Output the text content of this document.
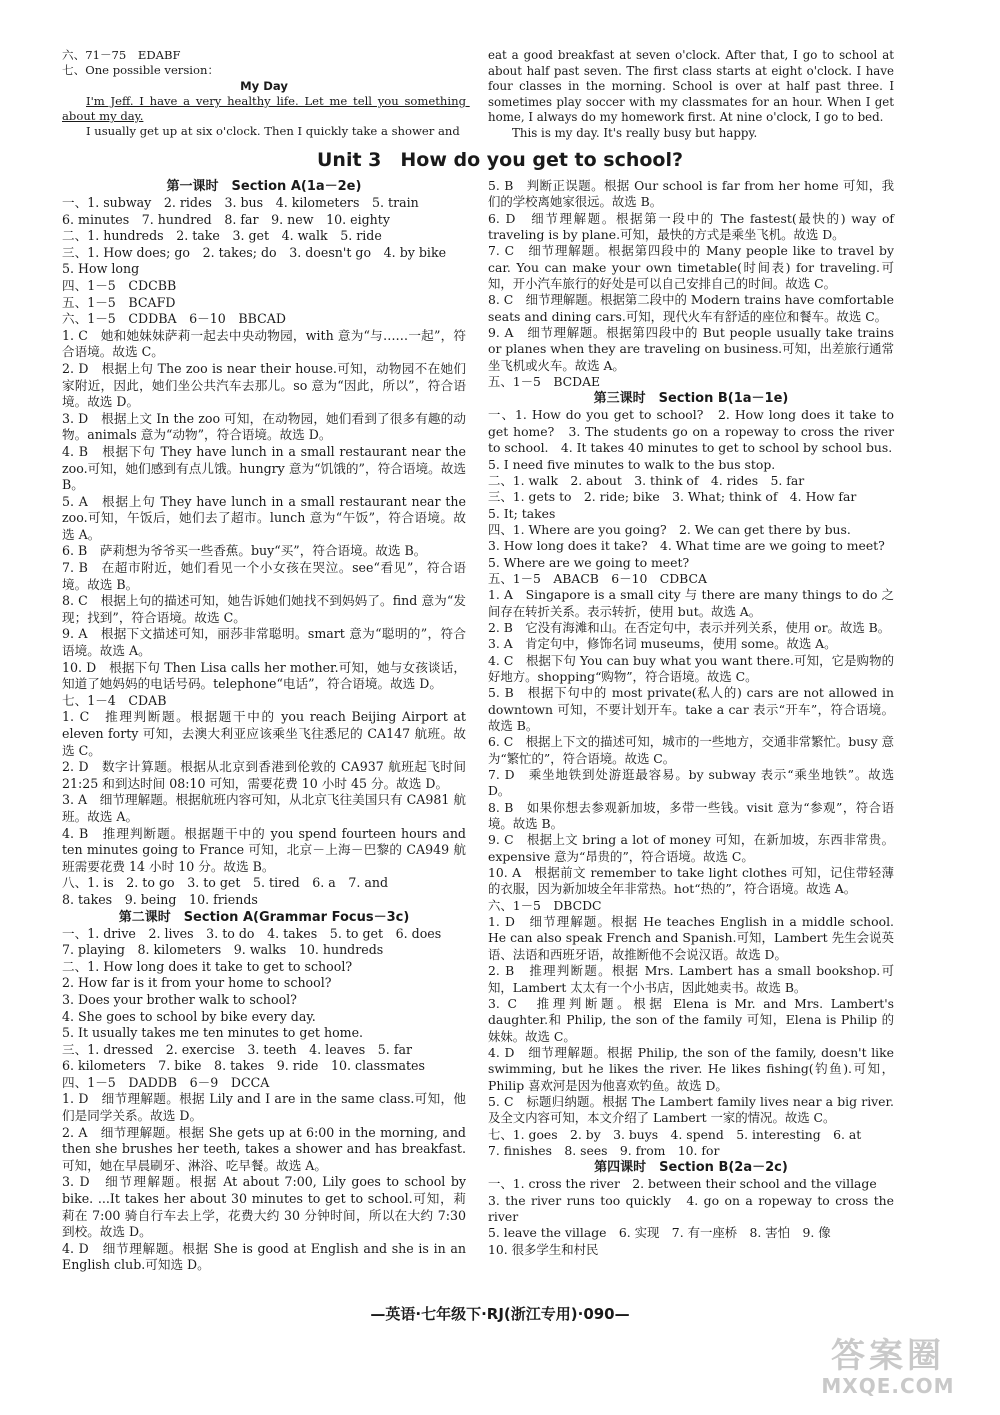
六、71－75　EDABF
七、One possible version：
My Day
I'm Jeff. I have a very healthy life. Let me tell you something about my day.
I usually get up at six o'clock. Then I quickly take a shower and
eat a good breakfast at seven o'clock. After that, I go to school at about half past seven. The first class starts at eight o'clock. I have four classes in the morning. School is over at half past three. I sometimes play soccer with my classmates for an hour. When I get home, I always do my homework first. At nine o'clock, I go to bed.
This is my day. It's really busy but happy.
Unit 3　How do you get to school?
第一课时　Section A(1a－2e)
一、1. subway　2. rides　3. bus　4. kilometers　5. train
6. minutes　7. hundred　8. far　9. new　10. eighty
二、1. hundreds　2. take　3. get　4. walk　5. ride
三、1. How does; go　2. takes; do　3. doesn't go　4. by bike
5. How long
四、1－5　CDCBB
五、1－5　BCAFD
六、1－5　CDDBA　6－10　BBCAD
1. C　她和她妹妹萨莉一起去中央动物园，with 意为“与……一起”，符合语境。故选 C。
2. D　根据上句 The zoo is near their house.可知，动物园不在她们家附近，因此，她们坐公共汽车去那儿。so 意为“因此，所以”，符合语境。故选 D。
3. D　根据上文 In the zoo 可知，在动物园，她们看到了很多有趣的动物。animals 意为“动物”，符合语境。故选 D。
4. B　根据下句 They have lunch in a small restaurant near the zoo.可知，她们感到有点儿饿。hungry 意为“饥饿的”，符合语境。故选 B。
5. A　根据上句 They have lunch in a small restaurant near the zoo.可知，午饭后，她们去了超市。lunch 意为“午饭”，符合语境。故选 A。
6. B　萨莉想为爷爷买一些香蕉。buy“买”，符合语境。故选 B。
7. B　在超市附近，她们看见一个小女孩在哭泣。see“看见”，符合语境。故选 B。
8. C　根据上句的描述可知，她告诉她们她找不到妈妈了。find 意为“发现；找到”，符合语境。故选 C。
9. A　根据下文描述可知，丽莎非常聪明。smart 意为“聪明的”，符合语境。故选 A。
10. D　根据下句 Then Lisa calls her mother.可知，她与女孩谈话，知道了她妈妈的电话号码。telephone“电话”，符合语境。故选 D。
七、1－4　CDAB
1. C　推理判断题。根据题干中的 you reach Beijing Airport at eleven forty 可知，去澳大利亚应该乘坐飞往悉尼的 CA147 航班。故选 C。
2. D　数字计算题。根据从北京到香港到伦敦的 CA937 航班起飞时间 21:25 和到达时间 08:10 可知，需要花费 10 小时 45 分。故选 D。
3. A　细节理解题。根据航班内容可知，从北京飞往美国只有 CA981 航班。故选 A。
4. B　推理判断题。根据题干中的 you spend fourteen hours and ten minutes going to France 可知，北京－上海－巴黎的 CA949 航班需要花费 14 小时 10 分。故选 B。
八、1. is　2. to go　3. to get　5. tired　6. a　7. and
8. takes　9. being　10. friends
第二课时　Section A(Grammar Focus－3c)
一、1. drive　2. lives　3. to do　4. takes　5. to get　6. does
7. playing　8. kilometers　9. walks　10. hundreds
二、1. How long does it take to get to school?
2. How far is it from your home to school?
3. Does your brother walk to school?
4. She goes to school by bike every day.
5. It usually takes me ten minutes to get home.
三、1. dressed　2. exercise　3. teeth　4. leaves　5. far
6. kilometers　7. bike　8. takes　9. ride　10. classmates
四、1－5　DADDB　6－9　DCCA
1. D　细节理解题。根据 Lily and I are in the same class.可知，他们是同学关系。故选 D。
2. A　细节理解题。根据 She gets up at 6:00 in the morning, and then she brushes her teeth, takes a shower and has breakfast.可知，她在早晨刷牙、淋浴、吃早餐。故选 A。
3. D　细节理解题。根据 At about 7:00, Lily goes to school by bike. ...It takes her about 30 minutes to get to school.可知，莉莉在 7:00 骑自行车去上学，花费大约 30 分钟时间，所以在大约 7:30 到校。故选 D。
4. D　细节理解题。根据 She is good at English and she is in an English club.可知选 D。
5. B　判断正误题。根据 Our school is far from her home 可知，我们的学校离她家很远。故选 B。
6. D　细节理解题。根据第一段中的 The fastest(最快的) way of traveling is by plane.可知，最快的方式是乘坐飞机。故选 D。
7. C　细节理解题。根据第四段中的 Many people like to travel by car. You can make your own timetable(时间表) for traveling.可知，开小汽车旅行的好处是可以自己安排自己的时间。故选 C。
8. C　细节理解题。根据第二段中的 Modern trains have comfortable seats and dining cars.可知，现代火车有舒适的座位和餐车。故选 C。
9. A　细节理解题。根据第四段中的 But people usually take trains or planes when they are traveling on business.可知，出差旅行通常坐飞机或火车。故选 A。
五、1－5　BCDAE
第三课时　Section B(1a－1e)
一、1. How do you get to school?　2. How long does it take to get home?　3. The students go on a ropeway to cross the river to school.　4. It takes 40 minutes to get to school by school bus.
5. I need five minutes to walk to the bus stop.
二、1. walk　2. about　3. think of　4. rides　5. far
三、1. gets to　2. ride; bike　3. What; think of　4. How far
5. It; takes
四、1. Where are you going?　2. We can get there by bus.
3. How long does it take?　4. What time are we going to meet?
5. Where are we going to meet?
五、1－5　ABACB　6－10　CDBCA
1. A　Singapore is a small city 与 there are many things to do 之间存在转折关系。表示转折，使用 but。故选 A。
2. B　它没有海滩和山。在否定句中，表示并列关系，使用 or。故选 B。
3. A　肯定句中，修饰名词 museums，使用 some。故选 A。
4. C　根据下句 You can buy what you want there.可知，它是购物的好地方。shopping“购物”，符合语境。故选 C。
5. B　根据下句中的 most private(私人的) cars are not allowed in downtown 可知，不要计划开车。take a car 表示“开车”，符合语境。故选 B。
6. C　根据上下文的描述可知，城市的一些地方，交通非常繁忙。busy 意为“繁忙的”，符合语境。故选 C。
7. D　乘坐地铁到处游逛最容易。by subway 表示“乘坐地铁”。故选 D。
8. B　如果你想去参观新加坡，多带一些钱。visit 意为“参观”，符合语境。故选 B。
9. C　根据上文 bring a lot of money 可知，在新加坡，东西非常贵。expensive 意为“昂贵的”，符合语境。故选 C。
10. A　根据前文 remember to take light clothes 可知，记住带轻薄的衣服，因为新加坡全年非常热。hot“热的”，符合语境。故选 A。
六、1－5　DBCDC
1. D　细节理解题。根据 He teaches English in a middle school. He can also speak French and Spanish.可知，Lambert 先生会说英语、法语和西班牙语，故推断他不会说汉语。故选 D。
2. B　推理判断题。根据 Mrs. Lambert has a small bookshop.可知，Lambert 太太有一个小书店，因此她卖书。故选 B。
3. C　推理判断题。根据 Elena is Mr. and Mrs. Lambert's daughter.和 Philip, the son of the family 可知，Elena is Philip 的妹妹。故选 C。
4. D　细节理解题。根据 Philip, the son of the family, doesn't like swimming, but he likes the river. He likes fishing(钓鱼).可知，Philip 喜欢河是因为他喜欢钓鱼。故选 D。
5. C　标题归纳题。根据 The Lambert family lives near a big river.及全文内容可知，本文介绍了 Lambert 一家的情况。故选 C。
七、1. goes　2. by　3. buys　4. spend　5. interesting　6. at
7. finishes　8. sees　9. from　10. for
第四课时　Section B(2a－2c)
一、1. cross the river　2. between their school and the village
3. the river runs too quickly　4. go on a ropeway to cross the river
5. leave the village　6. 实现　7. 有一座桥　8. 害怕　9. 像
10. 很多学生和村民
—英语·七年级下·RJ(浙江专用)·090—
答案圈
MXQE.COM
